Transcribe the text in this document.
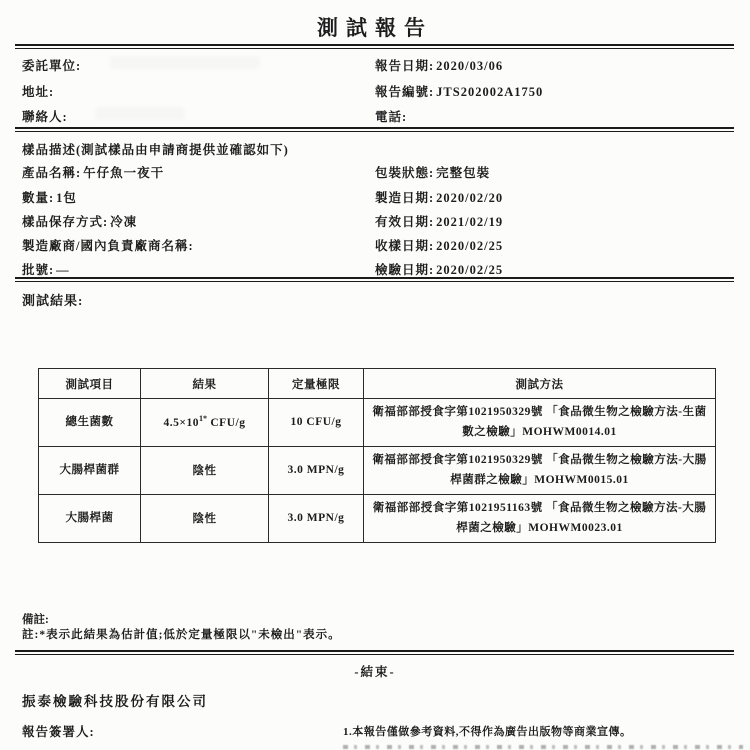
測試報告
委託單位:
地址:
聯絡人:
報告日期: 2020/03/06
報告編號: JTS202002A1750
電話:
樣品描述(測試樣品由申請商提供並確認如下)
產品名稱: 午仔魚一夜干
數量: 1包
樣品保存方式: 冷凍
製造廠商/國內負責廠商名稱:
批號: —
包裝狀態: 完整包裝
製造日期: 2020/02/20
有效日期: 2021/02/19
收樣日期: 2020/02/25
檢驗日期: 2020/02/25
測試結果:
測試項目	結果	定量極限	測試方法
總生菌數	$4.5\times 10^{1*}$ CFU/g	10 CFU/g	衛福部部授食字第1021950329號 「食品微生物之檢驗方法-生菌數之檢驗」MOHWM0014.01
大腸桿菌群	陰性	3.0 MPN/g	衛福部部授食字第1021950329號 「食品微生物之檢驗方法-大腸桿菌群之檢驗」MOHWM0015.01
大腸桿菌	陰性	3.0 MPN/g	衛福部部授食字第1021951163號 「食品微生物之檢驗方法-大腸桿菌之檢驗」MOHWM0023.01
備註:
註:*表示此結果為估計值;低於定量極限以"未檢出"表示。
-結束-
振泰檢驗科技股份有限公司
報告簽署人:	1.本報告僅做參考資料,不得作為廣告出版物等商業宣傳。
